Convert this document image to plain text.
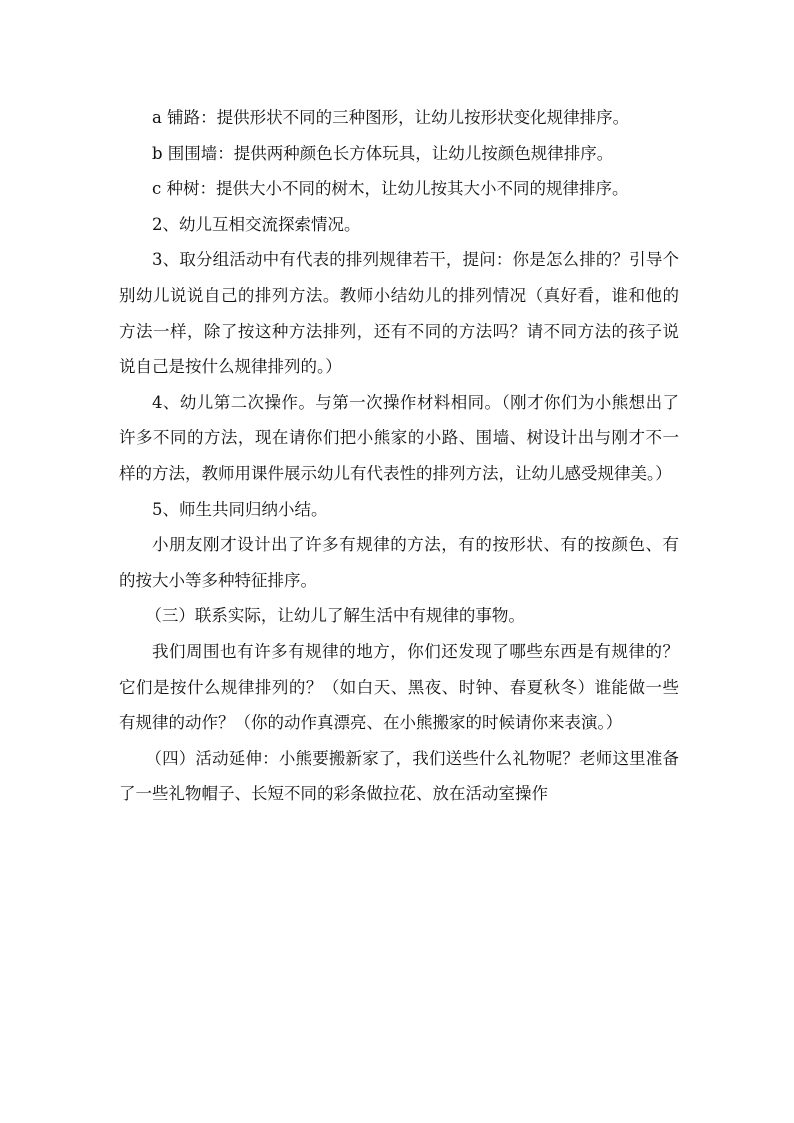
a 铺路：提供形状不同的三种图形，让幼儿按形状变化规律排序。

b 围围墙：提供两种颜色长方体玩具，让幼儿按颜色规律排序。

c 种树：提供大小不同的树木，让幼儿按其大小不同的规律排序。

2、幼儿互相交流探索情况。

3、取分组活动中有代表的排列规律若干，提问：你是怎么排的？引导个别幼儿说说自己的排列方法。教师小结幼儿的排列情况（真好看，谁和他的方法一样，除了按这种方法排列，还有不同的方法吗？请不同方法的孩子说说自己是按什么规律排列的。）

4、幼儿第二次操作。与第一次操作材料相同。（刚才你们为小熊想出了许多不同的方法，现在请你们把小熊家的小路、围墙、树设计出与刚才不一样的方法，教师用课件展示幼儿有代表性的排列方法，让幼儿感受规律美。）

5、师生共同归纳小结。

小朋友刚才设计出了许多有规律的方法，有的按形状、有的按颜色、有的按大小等多种特征排序。

（三）联系实际，让幼儿了解生活中有规律的事物。

我们周围也有许多有规律的地方，你们还发现了哪些东西是有规律的？它们是按什么规律排列的？（如白天、黑夜、时钟、春夏秋冬）谁能做一些有规律的动作？（你的动作真漂亮、在小熊搬家的时候请你来表演。）

（四）活动延伸：小熊要搬新家了，我们送些什么礼物呢？老师这里准备了一些礼物帽子、长短不同的彩条做拉花、放在活动室操作
